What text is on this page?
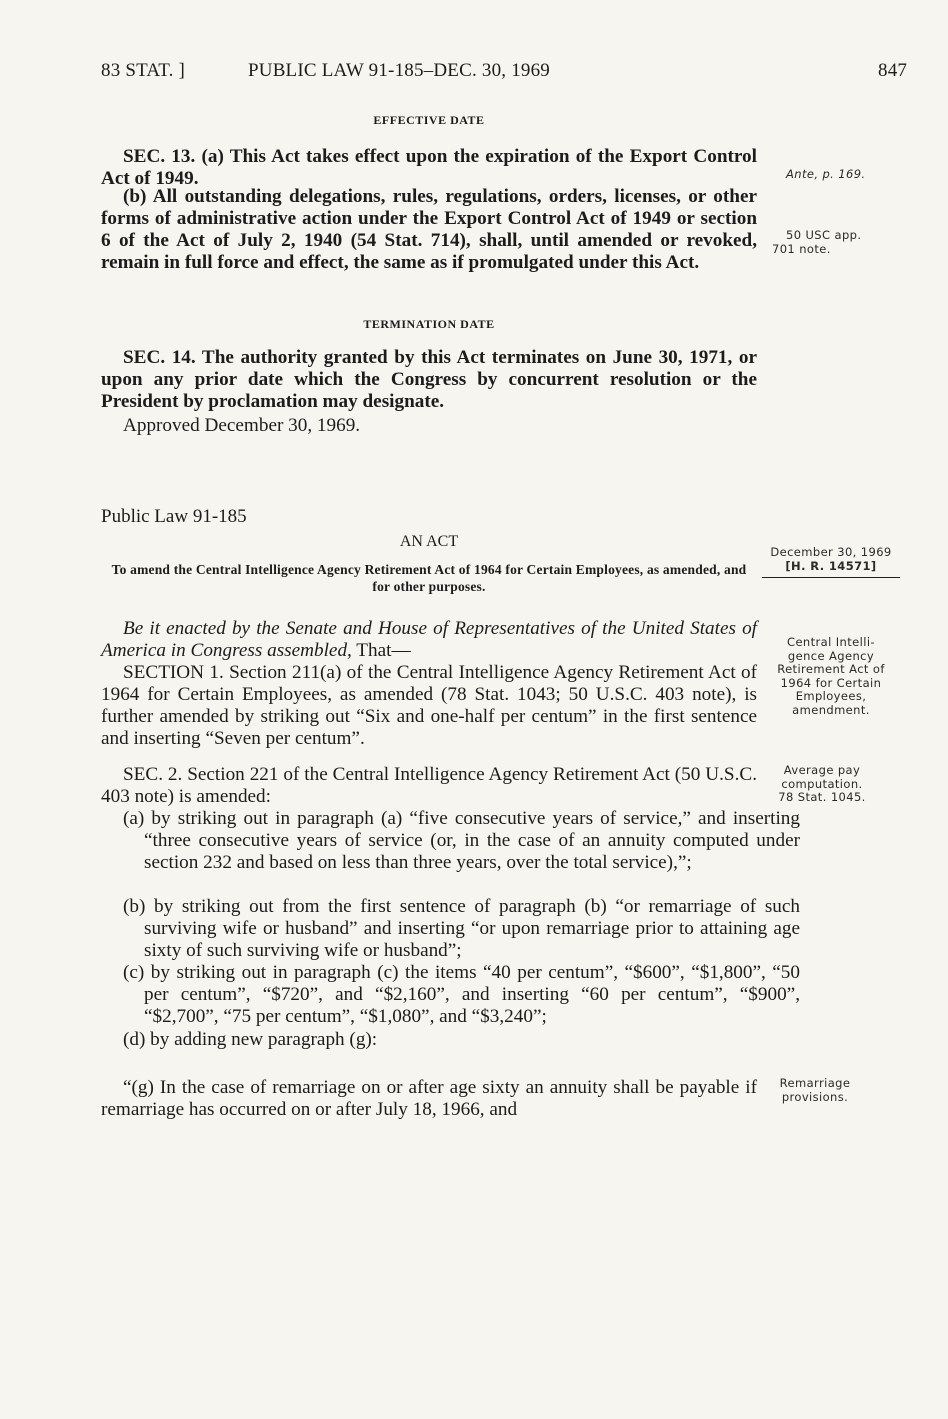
83 STAT. ]	PUBLIC LAW 91-185–DEC. 30, 1969	847
EFFECTIVE DATE

SEC. 13. (a) This Act takes effect upon the expiration of the Export Control Act of 1949.

(b) All outstanding delegations, rules, regulations, orders, licenses, or other forms of administrative action under the Export Control Act of 1949 or section 6 of the Act of July 2, 1940 (54 Stat. 714), shall, until amended or revoked, remain in full force and effect, the same as if promulgated under this Act.

TERMINATION DATE

SEC. 14. The authority granted by this Act terminates on June 30, 1971, or upon any prior date which the Congress by concurrent resolution or the President by proclamation may designate.

Approved December 30, 1969.

Public Law 91-185
AN ACT

To amend the Central Intelligence Agency Retirement Act of 1964 for Certain Employees, as amended, and for other purposes.

Be it enacted by the Senate and House of Representatives of the United States of America in Congress assembled, That—

SECTION 1. Section 211(a) of the Central Intelligence Agency Retirement Act of 1964 for Certain Employees, as amended (78 Stat. 1043; 50 U.S.C. 403 note), is further amended by striking out “Six and one-half per centum” in the first sentence and inserting “Seven per centum”.

SEC. 2. Section 221 of the Central Intelligence Agency Retirement Act (50 U.S.C. 403 note) is amended:

(a) by striking out in paragraph (a) “five consecutive years of service,” and inserting “three consecutive years of service (or, in the case of an annuity computed under section 232 and based on less than three years, over the total service),”;

(b) by striking out from the first sentence of paragraph (b) “or remarriage of such surviving wife or husband” and inserting “or upon remarriage prior to attaining age sixty of such surviving wife or husband”;

(c) by striking out in paragraph (c) the items “40 per centum”, “$600”, “$1,800”, “50 per centum”, “$720”, and “$2,160”, and inserting “60 per centum”, “$900”, “$2,700”, “75 per centum”, “$1,080”, and “$3,240”;

(d) by adding new paragraph (g):

“(g) In the case of remarriage on or after age sixty an annuity shall be payable if remarriage has occurred on or after July 18, 1966, and

Ante, p. 169.
50 USC app.
701 note.
December 30, 1969
[H. R. 14571]
Central Intelli-
gence Agency
Retirement Act of
1964 for Certain
Employees,
amendment.
Average pay
computation.
78 Stat. 1045.
Remarriage
provisions.
